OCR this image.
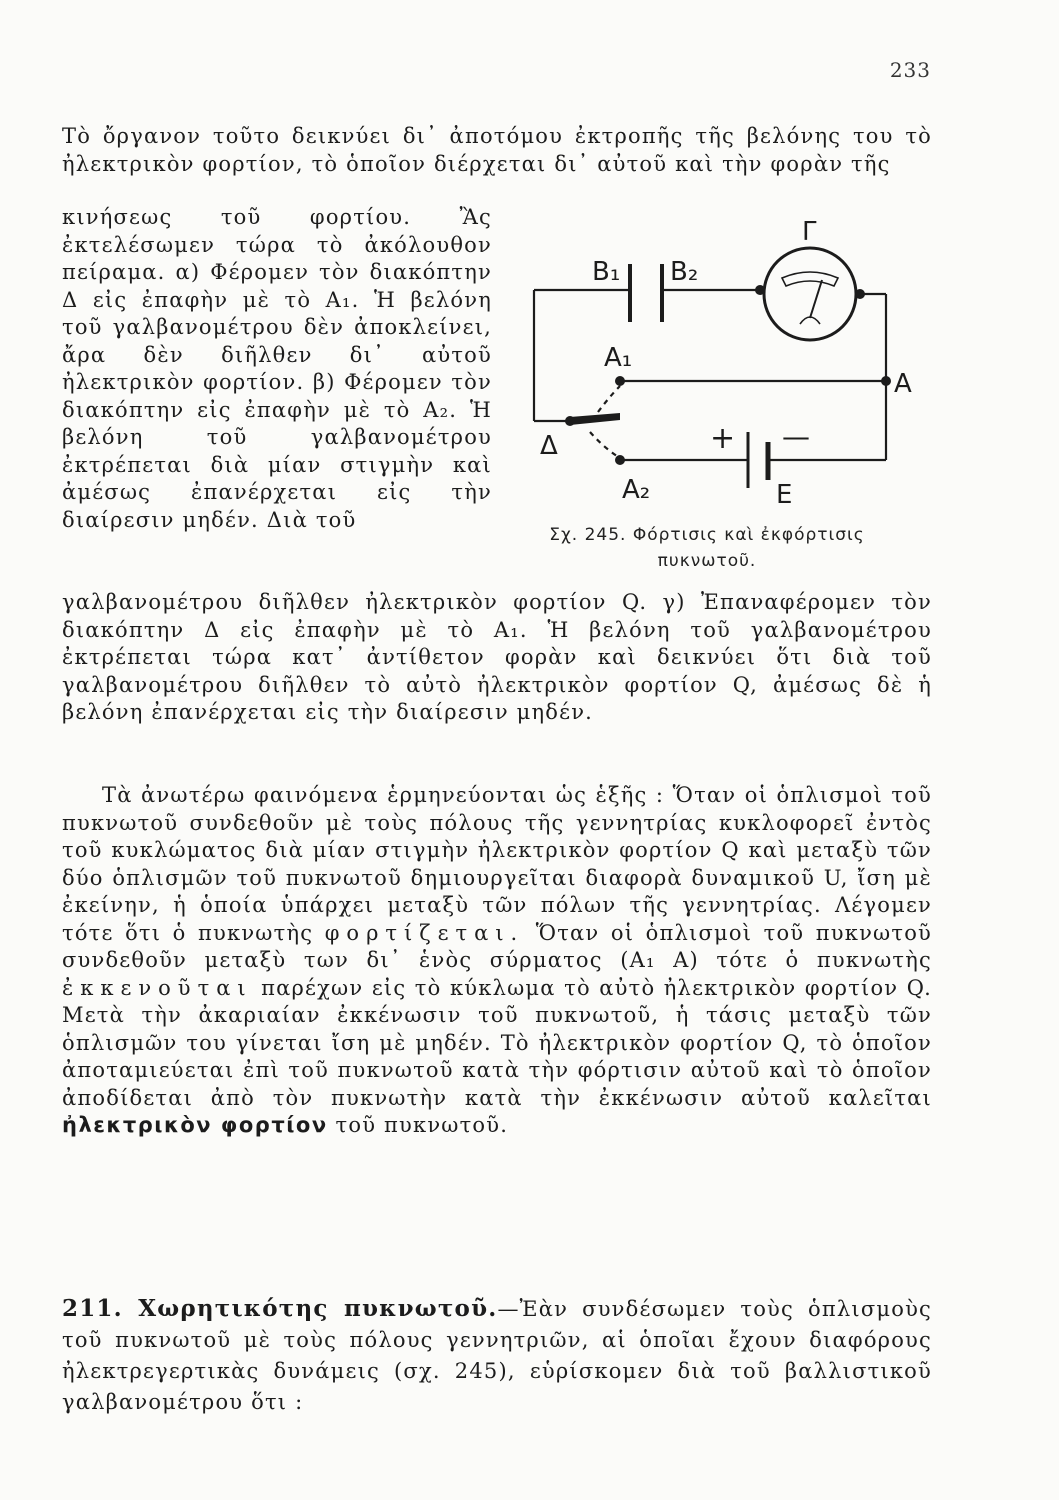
233
Τὸ ὄργανον τοῦτο δεικνύει δι᾽ ἀποτόμου ἐκτροπῆς τῆς βελόνης του τὸ ἠλεκτρικὸν φορτίον, τὸ ὁποῖον διέρχεται δι᾽ αὐτοῦ καὶ τὴν φορὰν τῆς
κινήσεως τοῦ φορτίου. Ἂς ἐκτελέσωμεν τώρα τὸ ἀκόλουθον πείραμα. α) Φέρομεν τὸν διακόπτην Δ εἰς ἐπαφὴν μὲ τὸ A₁. Ἡ βελόνη τοῦ γαλβανομέτρου δὲν ἀποκλείνει, ἄρα δὲν διῆλθεν δι᾽ αὐτοῦ ἠλεκτρικὸν φορτίον. β) Φέρομεν τὸν διακόπτην εἰς ἐπαφὴν μὲ τὸ A₂. Ἡ βελόνη τοῦ γαλβανομέτρου ἐκτρέπεται διὰ μίαν στιγμὴν καὶ ἀμέσως ἐπανέρχεται εἰς τὴν διαίρεσιν μηδέν. Διὰ τοῦ
γαλβανομέτρου διῆλθεν ἠλεκτρικὸν φορτίον Q. γ) Ἐπαναφέρομεν τὸν διακόπτην Δ εἰς ἐπαφὴν μὲ τὸ A₁. Ἡ βελόνη τοῦ γαλβανομέτρου ἐκτρέπεται τώρα κατ᾽ ἀντίθετον φορὰν καὶ δεικνύει ὅτι διὰ τοῦ γαλβανομέτρου διῆλθεν τὸ αὐτὸ ἠλεκτρικὸν φορτίον Q, ἀμέσως δὲ ἡ βελόνη ἐπανέρχεται εἰς τὴν διαίρεσιν μηδέν.
Γ
B₁ B₂
A₁
A₂
A
Δ	+ —
E
Σχ. 245. Φόρτισις καὶ ἐκφόρτισις
πυκνωτοῦ.
Τὰ ἀνωτέρω φαινόμενα ἑρμηνεύονται ὡς ἑξῆς : Ὅταν οἱ ὁπλισμοὶ τοῦ πυκνωτοῦ συνδεθοῦν μὲ τοὺς πόλους τῆς γεννητρίας κυκλοφορεῖ ἐντὸς τοῦ κυκλώματος διὰ μίαν στιγμὴν ἠλεκτρικὸν φορτίον Q καὶ μεταξὺ τῶν δύο ὁπλισμῶν τοῦ πυκνωτοῦ δημιουργεῖται διαφορὰ δυναμικοῦ U, ἴση μὲ ἐκείνην, ἡ ὁποία ὑπάρχει μεταξὺ τῶν πόλων τῆς γεννητρίας. Λέγομεν τότε ὅτι ὁ πυκνωτὴς φορτίζεται. Ὅταν οἱ ὁπλισμοὶ τοῦ πυκνωτοῦ συνδεθοῦν μεταξὺ των δι᾽ ἑνὸς σύρματος (A₁ A) τότε ὁ πυκνωτὴς ἐκκενοῦται παρέχων εἰς τὸ κύκλωμα τὸ αὐτὸ ἠλεκτρικὸν φορτίον Q. Μετὰ τὴν ἀκαριαίαν ἐκκένωσιν τοῦ πυκνωτοῦ, ἡ τάσις μεταξὺ τῶν ὁπλισμῶν του γίνεται ἴση μὲ μηδέν. Τὸ ἠλεκτρικὸν φορτίον Q, τὸ ὁποῖον ἀποταμιεύεται ἐπὶ τοῦ πυκνωτοῦ κατὰ τὴν φόρτισιν αὐτοῦ καὶ τὸ ὁποῖον ἀποδίδεται ἀπὸ τὸν πυκνωτὴν κατὰ τὴν ἐκκένωσιν αὐτοῦ καλεῖται ἠλεκτρικὸν φορτίον τοῦ πυκνωτοῦ.
211. Χωρητικότης πυκνωτοῦ.—Ἐὰν συνδέσωμεν τοὺς ὁπλισμοὺς τοῦ πυκνωτοῦ μὲ τοὺς πόλους γεννητριῶν, αἱ ὁποῖαι ἔχουν διαφόρους ἠλεκτρεγερτικὰς δυνάμεις (σχ. 245), εὑρίσκομεν διὰ τοῦ βαλλιστικοῦ γαλβανομέτρου ὅτι :
